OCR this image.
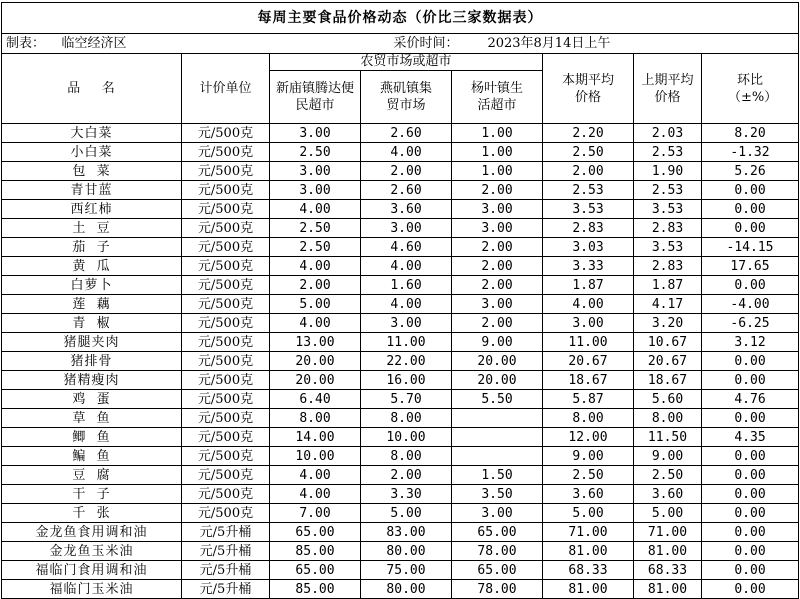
每周主要食品价格动态（价比三家数据表）							
制表： 临空经济区		采价时间： 2023年8月14日上午					
品    名	计价单位	农贸市场或超市			本期平均价格	上期平均价格	环比（±%）
		新庙镇腾达便民超市	燕矶镇集贸市场	杨叶镇生活超市			
大白菜	元/500克	3.00	2.60	1.00	2.20	2.03	8.20
小白菜	元/500克	2.50	4.00	1.00	2.50	2.53	-1.32
包  菜	元/500克	3.00	2.00	1.00	2.00	1.90	5.26
青甘蓝	元/500克	3.00	2.60	2.00	2.53	2.53	0.00
西红柿	元/500克	4.00	3.60	3.00	3.53	3.53	0.00
土  豆	元/500克	2.50	3.00	3.00	2.83	2.83	0.00
茄  子	元/500克	2.50	4.60	2.00	3.03	3.53	-14.15
黄  瓜	元/500克	4.00	4.00	2.00	3.33	2.83	17.65
白萝卜	元/500克	2.00	1.60	2.00	1.87	1.87	0.00
莲  藕	元/500克	5.00	4.00	3.00	4.00	4.17	-4.00
青  椒	元/500克	4.00	3.00	2.00	3.00	3.20	-6.25
猪腿夹肉	元/500克	13.00	11.00	9.00	11.00	10.67	3.12
猪排骨	元/500克	20.00	22.00	20.00	20.67	20.67	0.00
猪精瘦肉	元/500克	20.00	16.00	20.00	18.67	18.67	0.00
鸡  蛋	元/500克	6.40	5.70	5.50	5.87	5.60	4.76
草  鱼	元/500克	8.00	8.00		8.00	8.00	0.00
鲫  鱼	元/500克	14.00	10.00		12.00	11.50	4.35
鳊  鱼	元/500克	10.00	8.00		9.00	9.00	0.00
豆  腐	元/500克	4.00	2.00	1.50	2.50	2.50	0.00
干  子	元/500克	4.00	3.30	3.50	3.60	3.60	0.00
千  张	元/500克	7.00	5.00	3.00	5.00	5.00	0.00
金龙鱼食用调和油	元/5升桶	65.00	83.00	65.00	71.00	71.00	0.00
金龙鱼玉米油	元/5升桶	85.00	80.00	78.00	81.00	81.00	0.00
福临门食用调和油	元/5升桶	65.00	75.00	65.00	68.33	68.33	0.00
福临门玉米油	元/5升桶	85.00	80.00	78.00	81.00	81.00	0.00
